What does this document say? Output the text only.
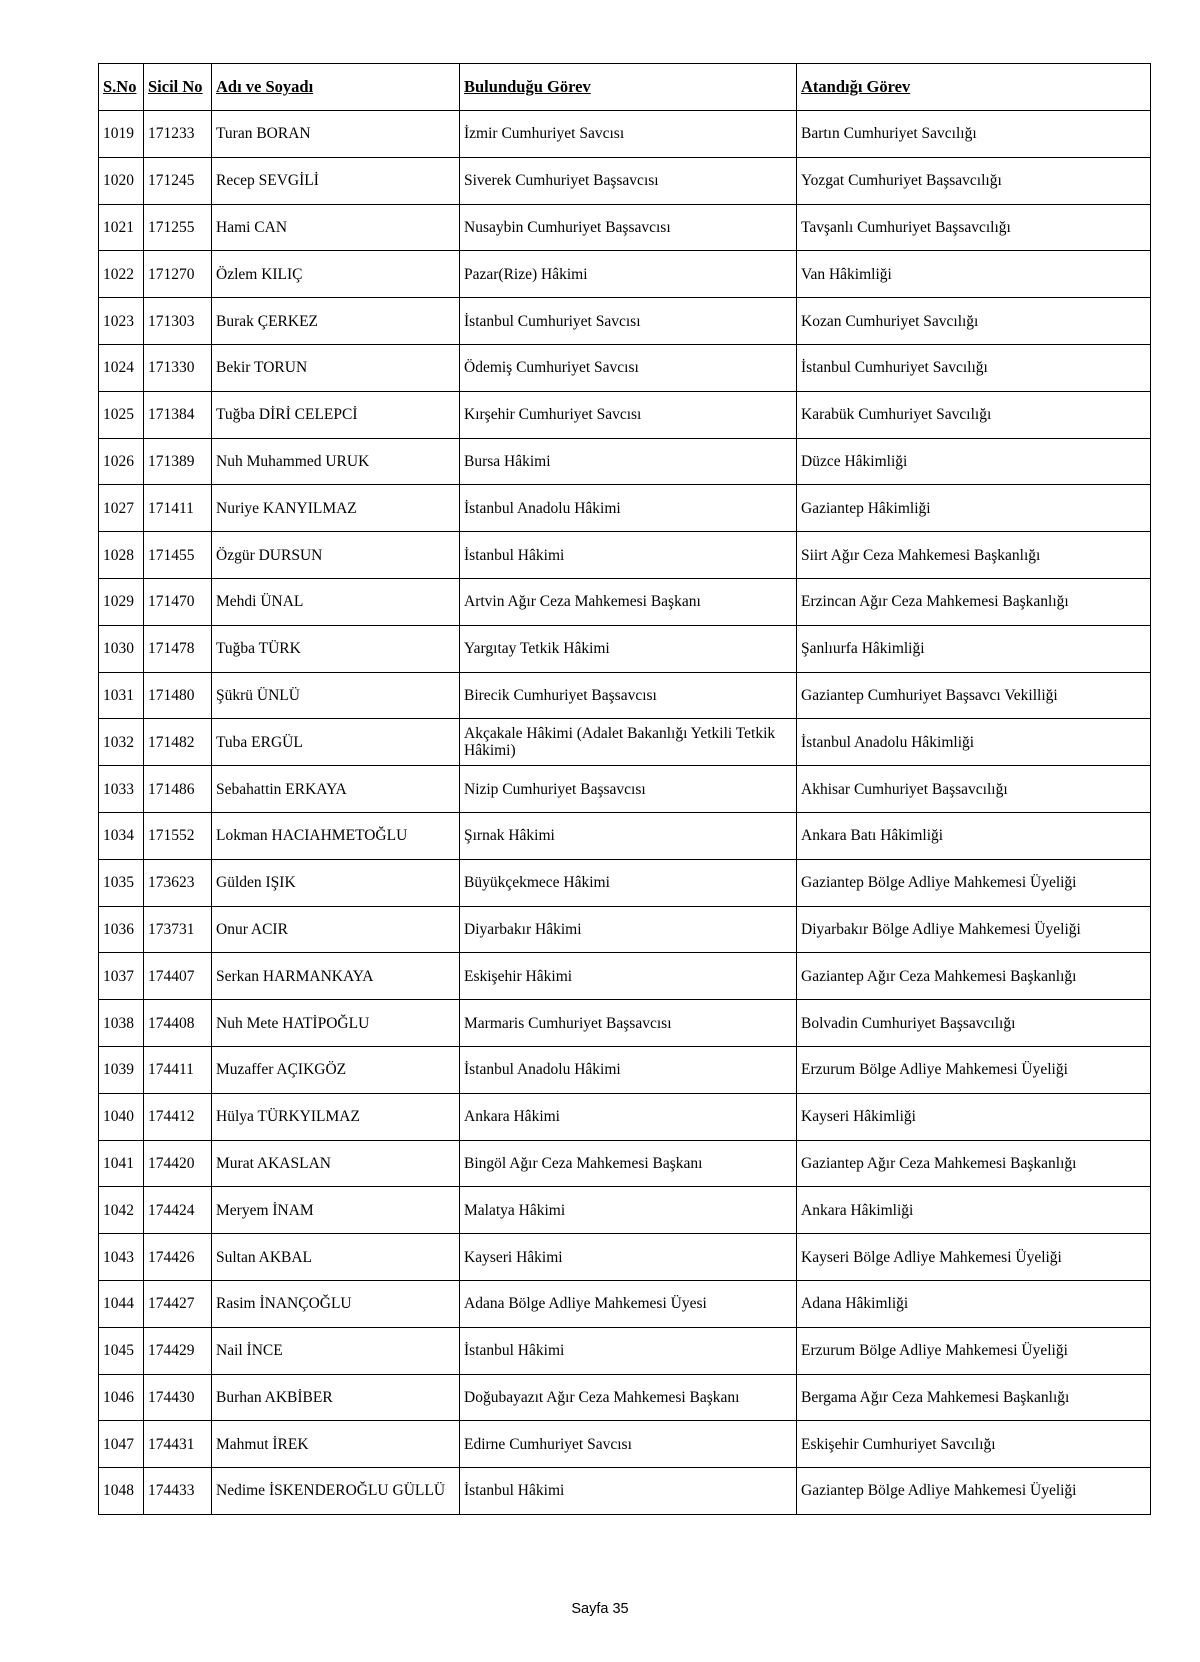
S.No	Sicil No	Adı ve Soyadı	Bulunduğu Görev	Atandığı Görev
1019	171233	Turan BORAN	İzmir Cumhuriyet Savcısı	Bartın Cumhuriyet Savcılığı
1020	171245	Recep SEVGİLİ	Siverek Cumhuriyet Başsavcısı	Yozgat Cumhuriyet Başsavcılığı
1021	171255	Hami CAN	Nusaybin Cumhuriyet Başsavcısı	Tavşanlı Cumhuriyet Başsavcılığı
1022	171270	Özlem KILIÇ	Pazar(Rize) Hâkimi	Van Hâkimliği
1023	171303	Burak ÇERKEZ	İstanbul Cumhuriyet Savcısı	Kozan Cumhuriyet Savcılığı
1024	171330	Bekir TORUN	Ödemiş Cumhuriyet Savcısı	İstanbul Cumhuriyet Savcılığı
1025	171384	Tuğba DİRİ CELEPCİ	Kırşehir Cumhuriyet Savcısı	Karabük Cumhuriyet Savcılığı
1026	171389	Nuh Muhammed URUK	Bursa Hâkimi	Düzce Hâkimliği
1027	171411	Nuriye KANYILMAZ	İstanbul Anadolu Hâkimi	Gaziantep Hâkimliği
1028	171455	Özgür DURSUN	İstanbul Hâkimi	Siirt Ağır Ceza Mahkemesi Başkanlığı
1029	171470	Mehdi ÜNAL	Artvin Ağır Ceza Mahkemesi Başkanı	Erzincan Ağır Ceza Mahkemesi Başkanlığı
1030	171478	Tuğba TÜRK	Yargıtay Tetkik Hâkimi	Şanlıurfa Hâkimliği
1031	171480	Şükrü ÜNLÜ	Birecik Cumhuriyet Başsavcısı	Gaziantep Cumhuriyet Başsavcı Vekilliği
1032	171482	Tuba ERGÜL	Akçakale Hâkimi (Adalet Bakanlığı Yetkili Tetkik Hâkimi)	İstanbul Anadolu Hâkimliği
1033	171486	Sebahattin ERKAYA	Nizip Cumhuriyet Başsavcısı	Akhisar Cumhuriyet Başsavcılığı
1034	171552	Lokman HACIAHMETOĞLU	Şırnak Hâkimi	Ankara Batı Hâkimliği
1035	173623	Gülden IŞIK	Büyükçekmece Hâkimi	Gaziantep Bölge Adliye Mahkemesi Üyeliği
1036	173731	Onur ACIR	Diyarbakır Hâkimi	Diyarbakır Bölge Adliye Mahkemesi Üyeliği
1037	174407	Serkan HARMANKAYA	Eskişehir Hâkimi	Gaziantep Ağır Ceza Mahkemesi Başkanlığı
1038	174408	Nuh Mete HATİPOĞLU	Marmaris Cumhuriyet Başsavcısı	Bolvadin Cumhuriyet Başsavcılığı
1039	174411	Muzaffer AÇIKGÖZ	İstanbul Anadolu Hâkimi	Erzurum Bölge Adliye Mahkemesi Üyeliği
1040	174412	Hülya TÜRKYILMAZ	Ankara Hâkimi	Kayseri Hâkimliği
1041	174420	Murat AKASLAN	Bingöl Ağır Ceza Mahkemesi Başkanı	Gaziantep Ağır Ceza Mahkemesi Başkanlığı
1042	174424	Meryem İNAM	Malatya Hâkimi	Ankara Hâkimliği
1043	174426	Sultan AKBAL	Kayseri Hâkimi	Kayseri Bölge Adliye Mahkemesi Üyeliği
1044	174427	Rasim İNANÇOĞLU	Adana Bölge Adliye Mahkemesi Üyesi	Adana Hâkimliği
1045	174429	Nail İNCE	İstanbul Hâkimi	Erzurum Bölge Adliye Mahkemesi Üyeliği
1046	174430	Burhan AKBİBER	Doğubayazıt Ağır Ceza Mahkemesi Başkanı	Bergama Ağır Ceza Mahkemesi Başkanlığı
1047	174431	Mahmut İREK	Edirne Cumhuriyet Savcısı	Eskişehir Cumhuriyet Savcılığı
1048	174433	Nedime İSKENDEROĞLU GÜLLÜ	İstanbul Hâkimi	Gaziantep Bölge Adliye Mahkemesi Üyeliği
Sayfa 35
